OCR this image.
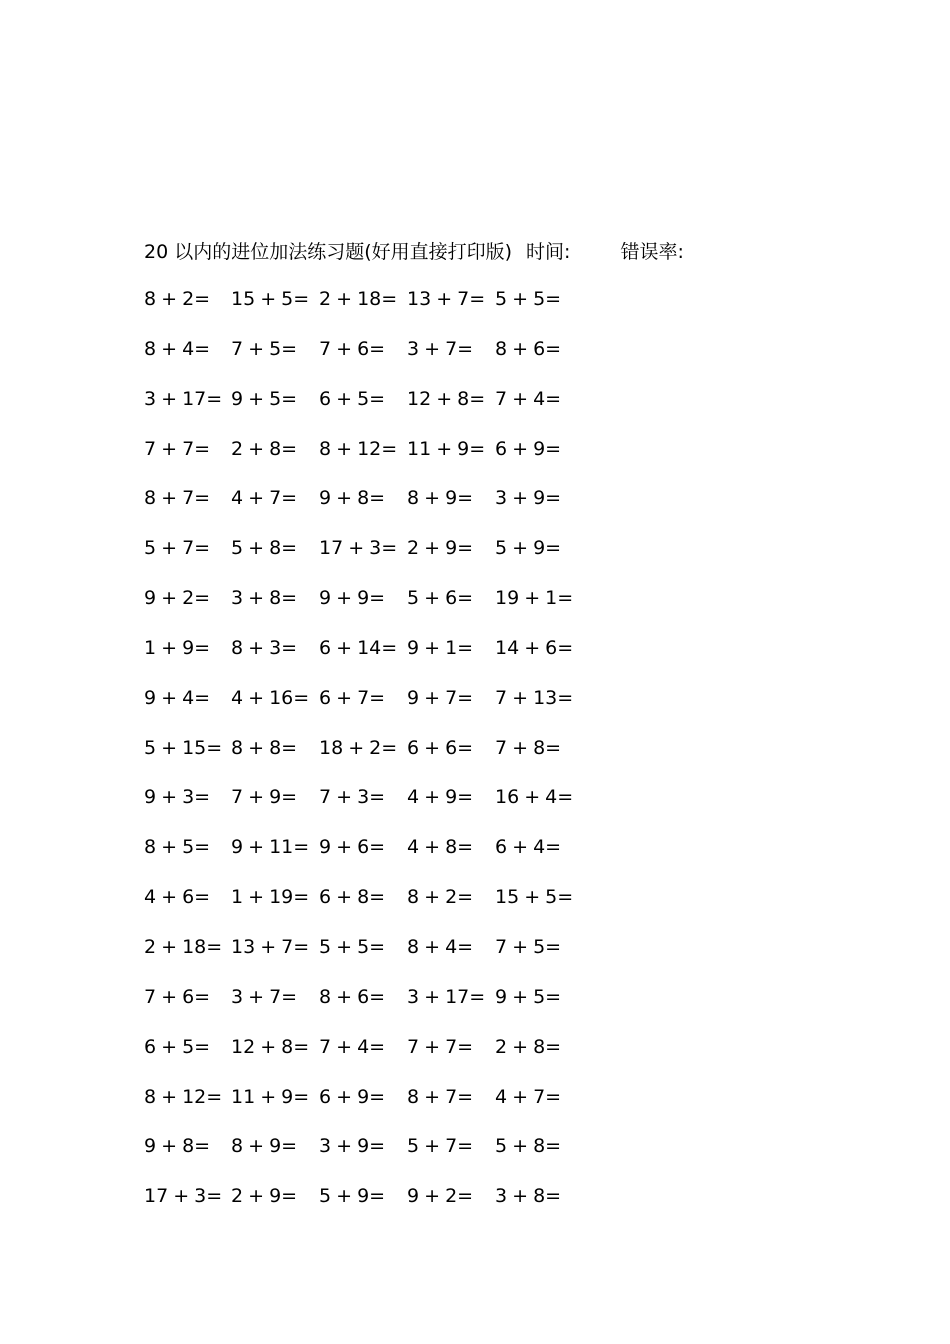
20 以内的进位加法练习题(好用直接打印版) 时间:	错误率:
8 + 2=	15 + 5= 2 + 18= 13 + 7= 5 + 5=
8 + 4=	7 + 5=	7 + 6=	3 + 7=	8 + 6=
3 + 17= 9 + 5=	6 + 5=	12 + 8= 7 + 4=
7 + 7=	2 + 8=	8 + 12= 11 + 9= 6 + 9=
8 + 7=	4 + 7=	9 + 8=	8 + 9=	3 + 9=
5 + 7=	5 + 8=	17 + 3= 2 + 9=	5 + 9=
9 + 2=	3 + 8=	9 + 9=	5 + 6=	19 + 1=
1 + 9=	8 + 3=	6 + 14= 9 + 1=	14 + 6=
9 + 4=	4 + 16= 6 + 7=	9 + 7=	7 + 13=
5 + 15= 8 + 8=	18 + 2= 6 + 6=	7 + 8=
9 + 3=	7 + 9=	7 + 3=	4 + 9=	16 + 4=
8 + 5=	9 + 11= 9 + 6=	4 + 8=	6 + 4=
4 + 6=	1 + 19= 6 + 8=	8 + 2=	15 + 5=
2 + 18= 13 + 7= 5 + 5=	8 + 4=	7 + 5=
7 + 6=	3 + 7=	8 + 6=	3 + 17= 9 + 5=
6 + 5=	12 + 8= 7 + 4=	7 + 7=	2 + 8=
8 + 12= 11 + 9= 6 + 9=	8 + 7=	4 + 7=
9 + 8=	8 + 9=	3 + 9=	5 + 7=	5 + 8=
17 + 3= 2 + 9=	5 + 9=	9 + 2=	3 + 8=
